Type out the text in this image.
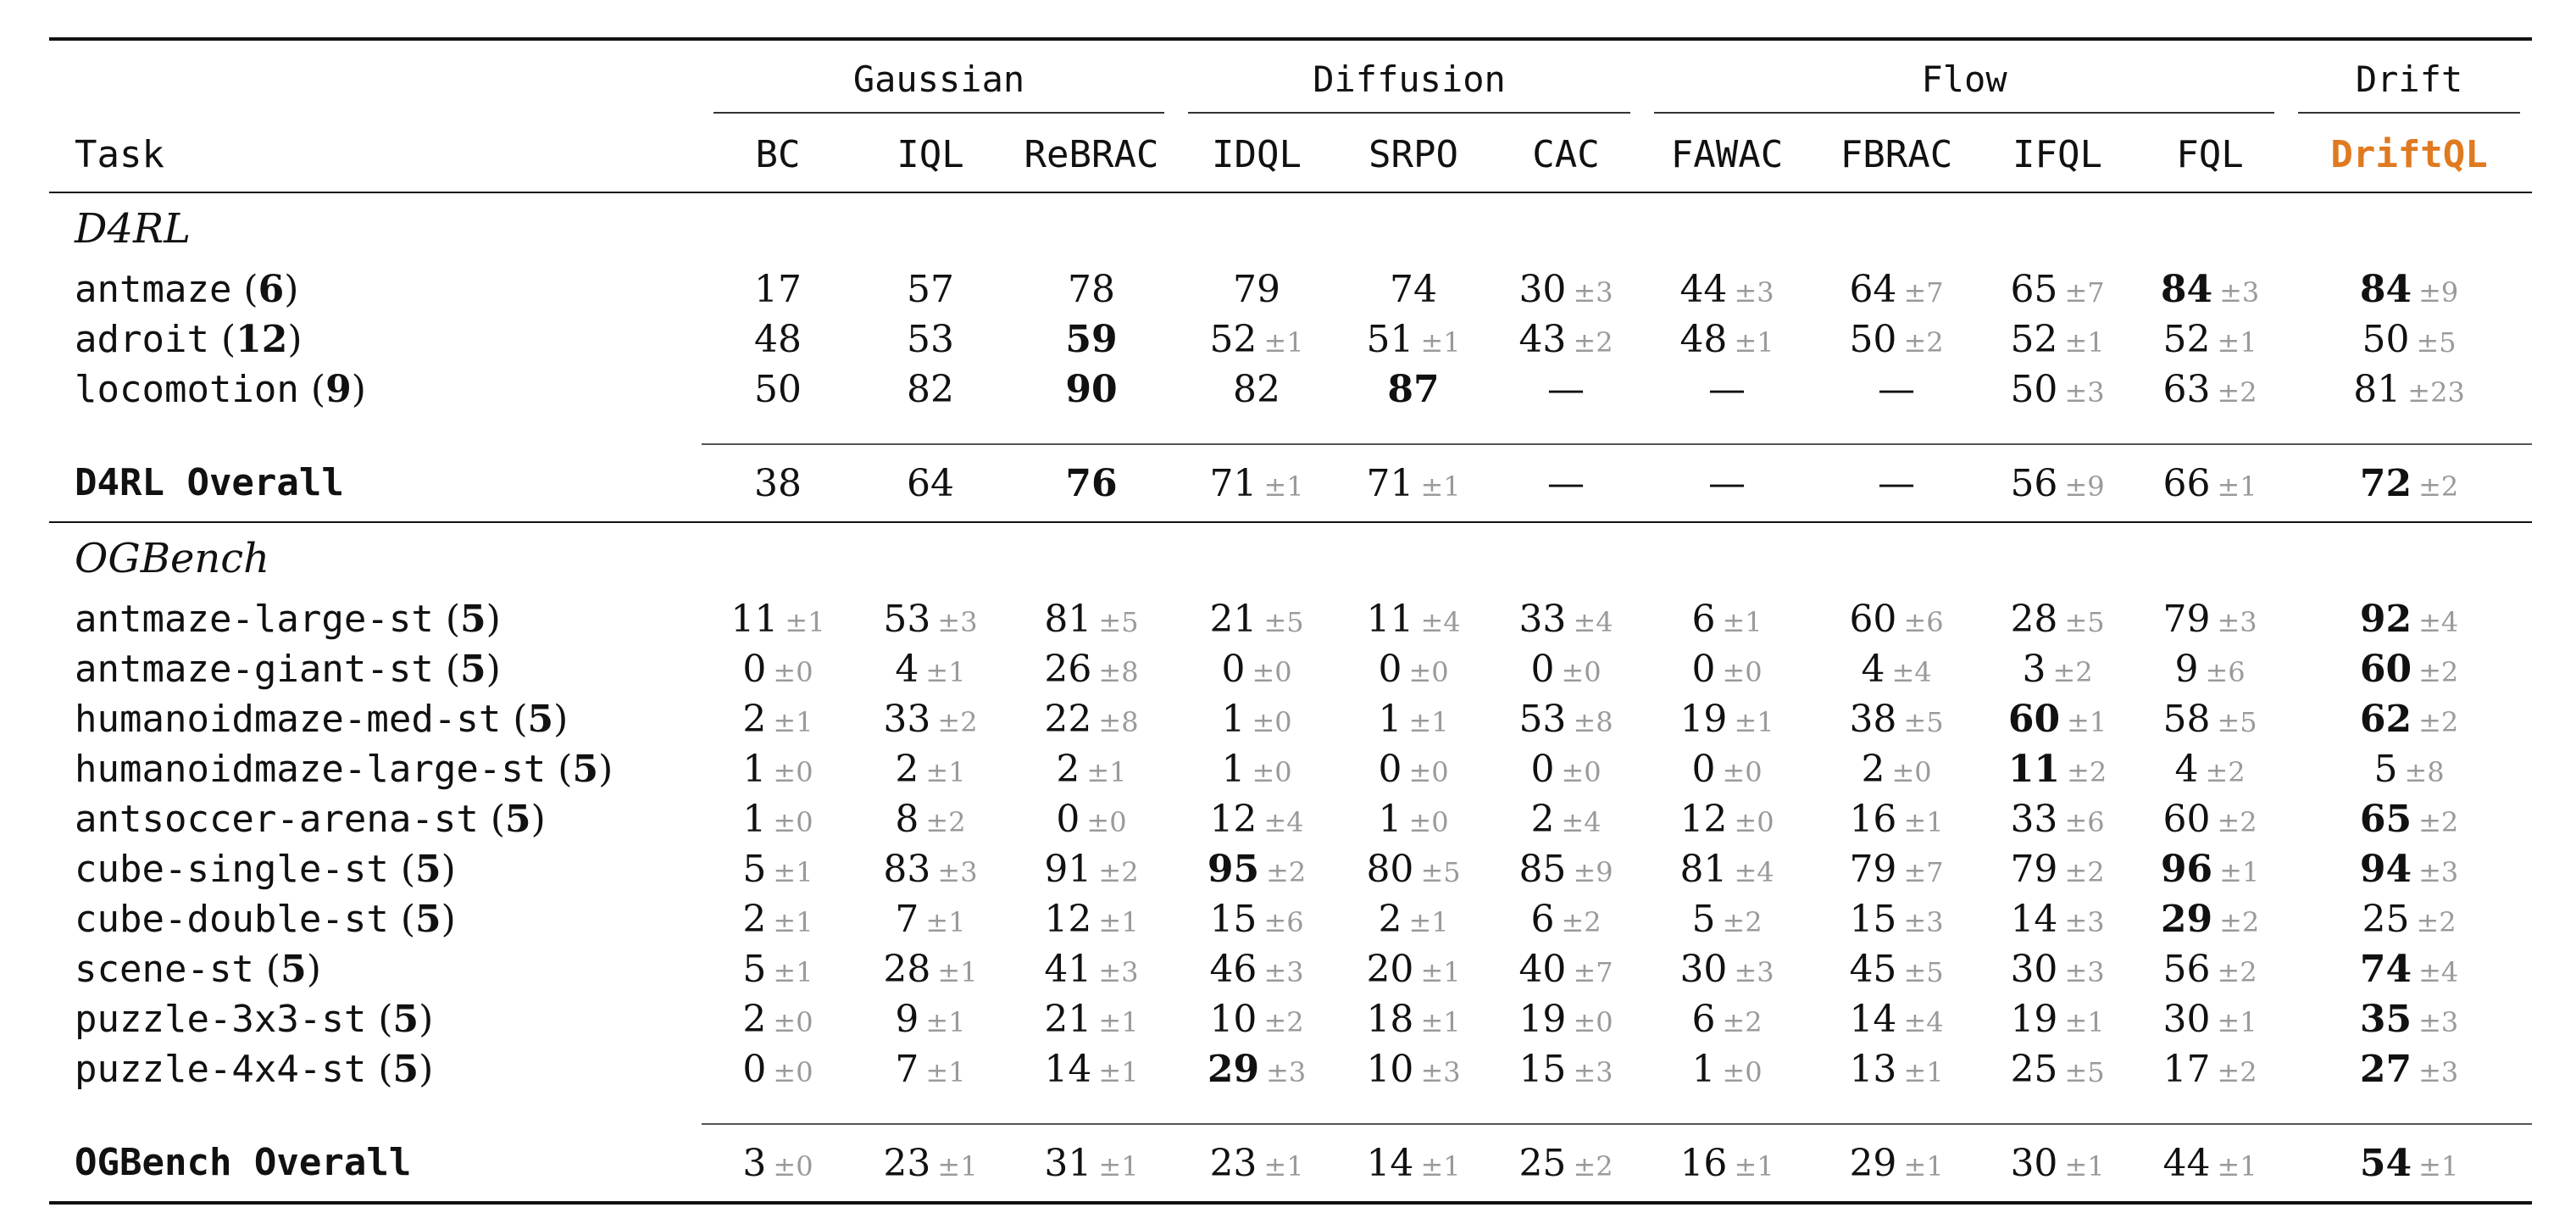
	Gaussian			Diffusion			Flow				Drift

Task	BC	IQL	ReBRAC	IDQL	SRPO	CAC	FAWAC	FBRAC	IFQL	FQL	DriftQL
D4RL											
antmaze (6)	17	57	78	79	74	30 ±3	44 ±3	64 ±7	65 ±7	84 ±3	84 ±9
adroit (12)	48	53	59	52 ±1	51 ±1	43 ±2	48 ±1	50 ±2	52 ±1	52 ±1	50 ±5
locomotion (9)	50	82	90	82	87	—	—	—	50 ±3	63 ±2	81 ±23

D4RL Overall	38	64	76	71 ±1	71 ±1	—	—	—	56 ±9	66 ±1	72 ±2
OGBench											
antmaze-large-st (5)	11 ±1	53 ±3	81 ±5	21 ±5	11 ±4	33 ±4	6 ±1	60 ±6	28 ±5	79 ±3	92 ±4
antmaze-giant-st (5)	0 ±0	4 ±1	26 ±8	0 ±0	0 ±0	0 ±0	0 ±0	4 ±4	3 ±2	9 ±6	60 ±2
humanoidmaze-med-st (5)	2 ±1	33 ±2	22 ±8	1 ±0	1 ±1	53 ±8	19 ±1	38 ±5	60 ±1	58 ±5	62 ±2
humanoidmaze-large-st (5)	1 ±0	2 ±1	2 ±1	1 ±0	0 ±0	0 ±0	0 ±0	2 ±0	11 ±2	4 ±2	5 ±8
antsoccer-arena-st (5)	1 ±0	8 ±2	0 ±0	12 ±4	1 ±0	2 ±4	12 ±0	16 ±1	33 ±6	60 ±2	65 ±2
cube-single-st (5)	5 ±1	83 ±3	91 ±2	95 ±2	80 ±5	85 ±9	81 ±4	79 ±7	79 ±2	96 ±1	94 ±3
cube-double-st (5)	2 ±1	7 ±1	12 ±1	15 ±6	2 ±1	6 ±2	5 ±2	15 ±3	14 ±3	29 ±2	25 ±2
scene-st (5)	5 ±1	28 ±1	41 ±3	46 ±3	20 ±1	40 ±7	30 ±3	45 ±5	30 ±3	56 ±2	74 ±4
puzzle-3x3-st (5)	2 ±0	9 ±1	21 ±1	10 ±2	18 ±1	19 ±0	6 ±2	14 ±4	19 ±1	30 ±1	35 ±3
puzzle-4x4-st (5)	0 ±0	7 ±1	14 ±1	29 ±3	10 ±3	15 ±3	1 ±0	13 ±1	25 ±5	17 ±2	27 ±3

OGBench Overall	3 ±0	23 ±1	31 ±1	23 ±1	14 ±1	25 ±2	16 ±1	29 ±1	30 ±1	44 ±1	54 ±1
